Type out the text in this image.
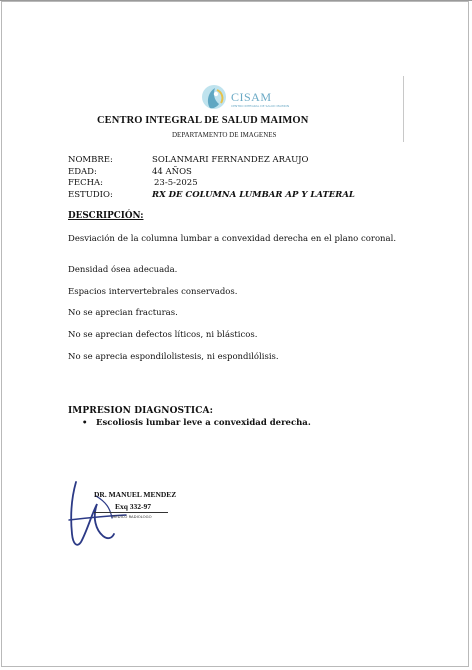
CISAM
CENTRO INTEGRAL DE SALUD MAIMON
CENTRO INTEGRAL DE SALUD MAIMON
DEPARTAMENTO DE IMAGENES
NOMBRE:	SOLANMARI FERNANDEZ ARAUJO
EDAD:	44 AÑOS
FECHA:	23-5-2025
ESTUDIO:	RX DE COLUMNA LUMBAR AP Y LATERAL
DESCRIPCIÓN:
Desviación de la columna lumbar a convexidad derecha en el plano coronal.
Densidad ósea adecuada.
Espacios intervertebrales conservados.
No se aprecian fracturas.
No se aprecian defectos líticos, ni blásticos.
No se aprecia espondilolistesis, ni espondilólisis.
IMPRESION DIAGNOSTICA:
• Escoliosis lumbar leve a convexidad derecha.
DR. MANUEL MENDEZ
Exq 332-97
MEDICO RADIOLOGO
